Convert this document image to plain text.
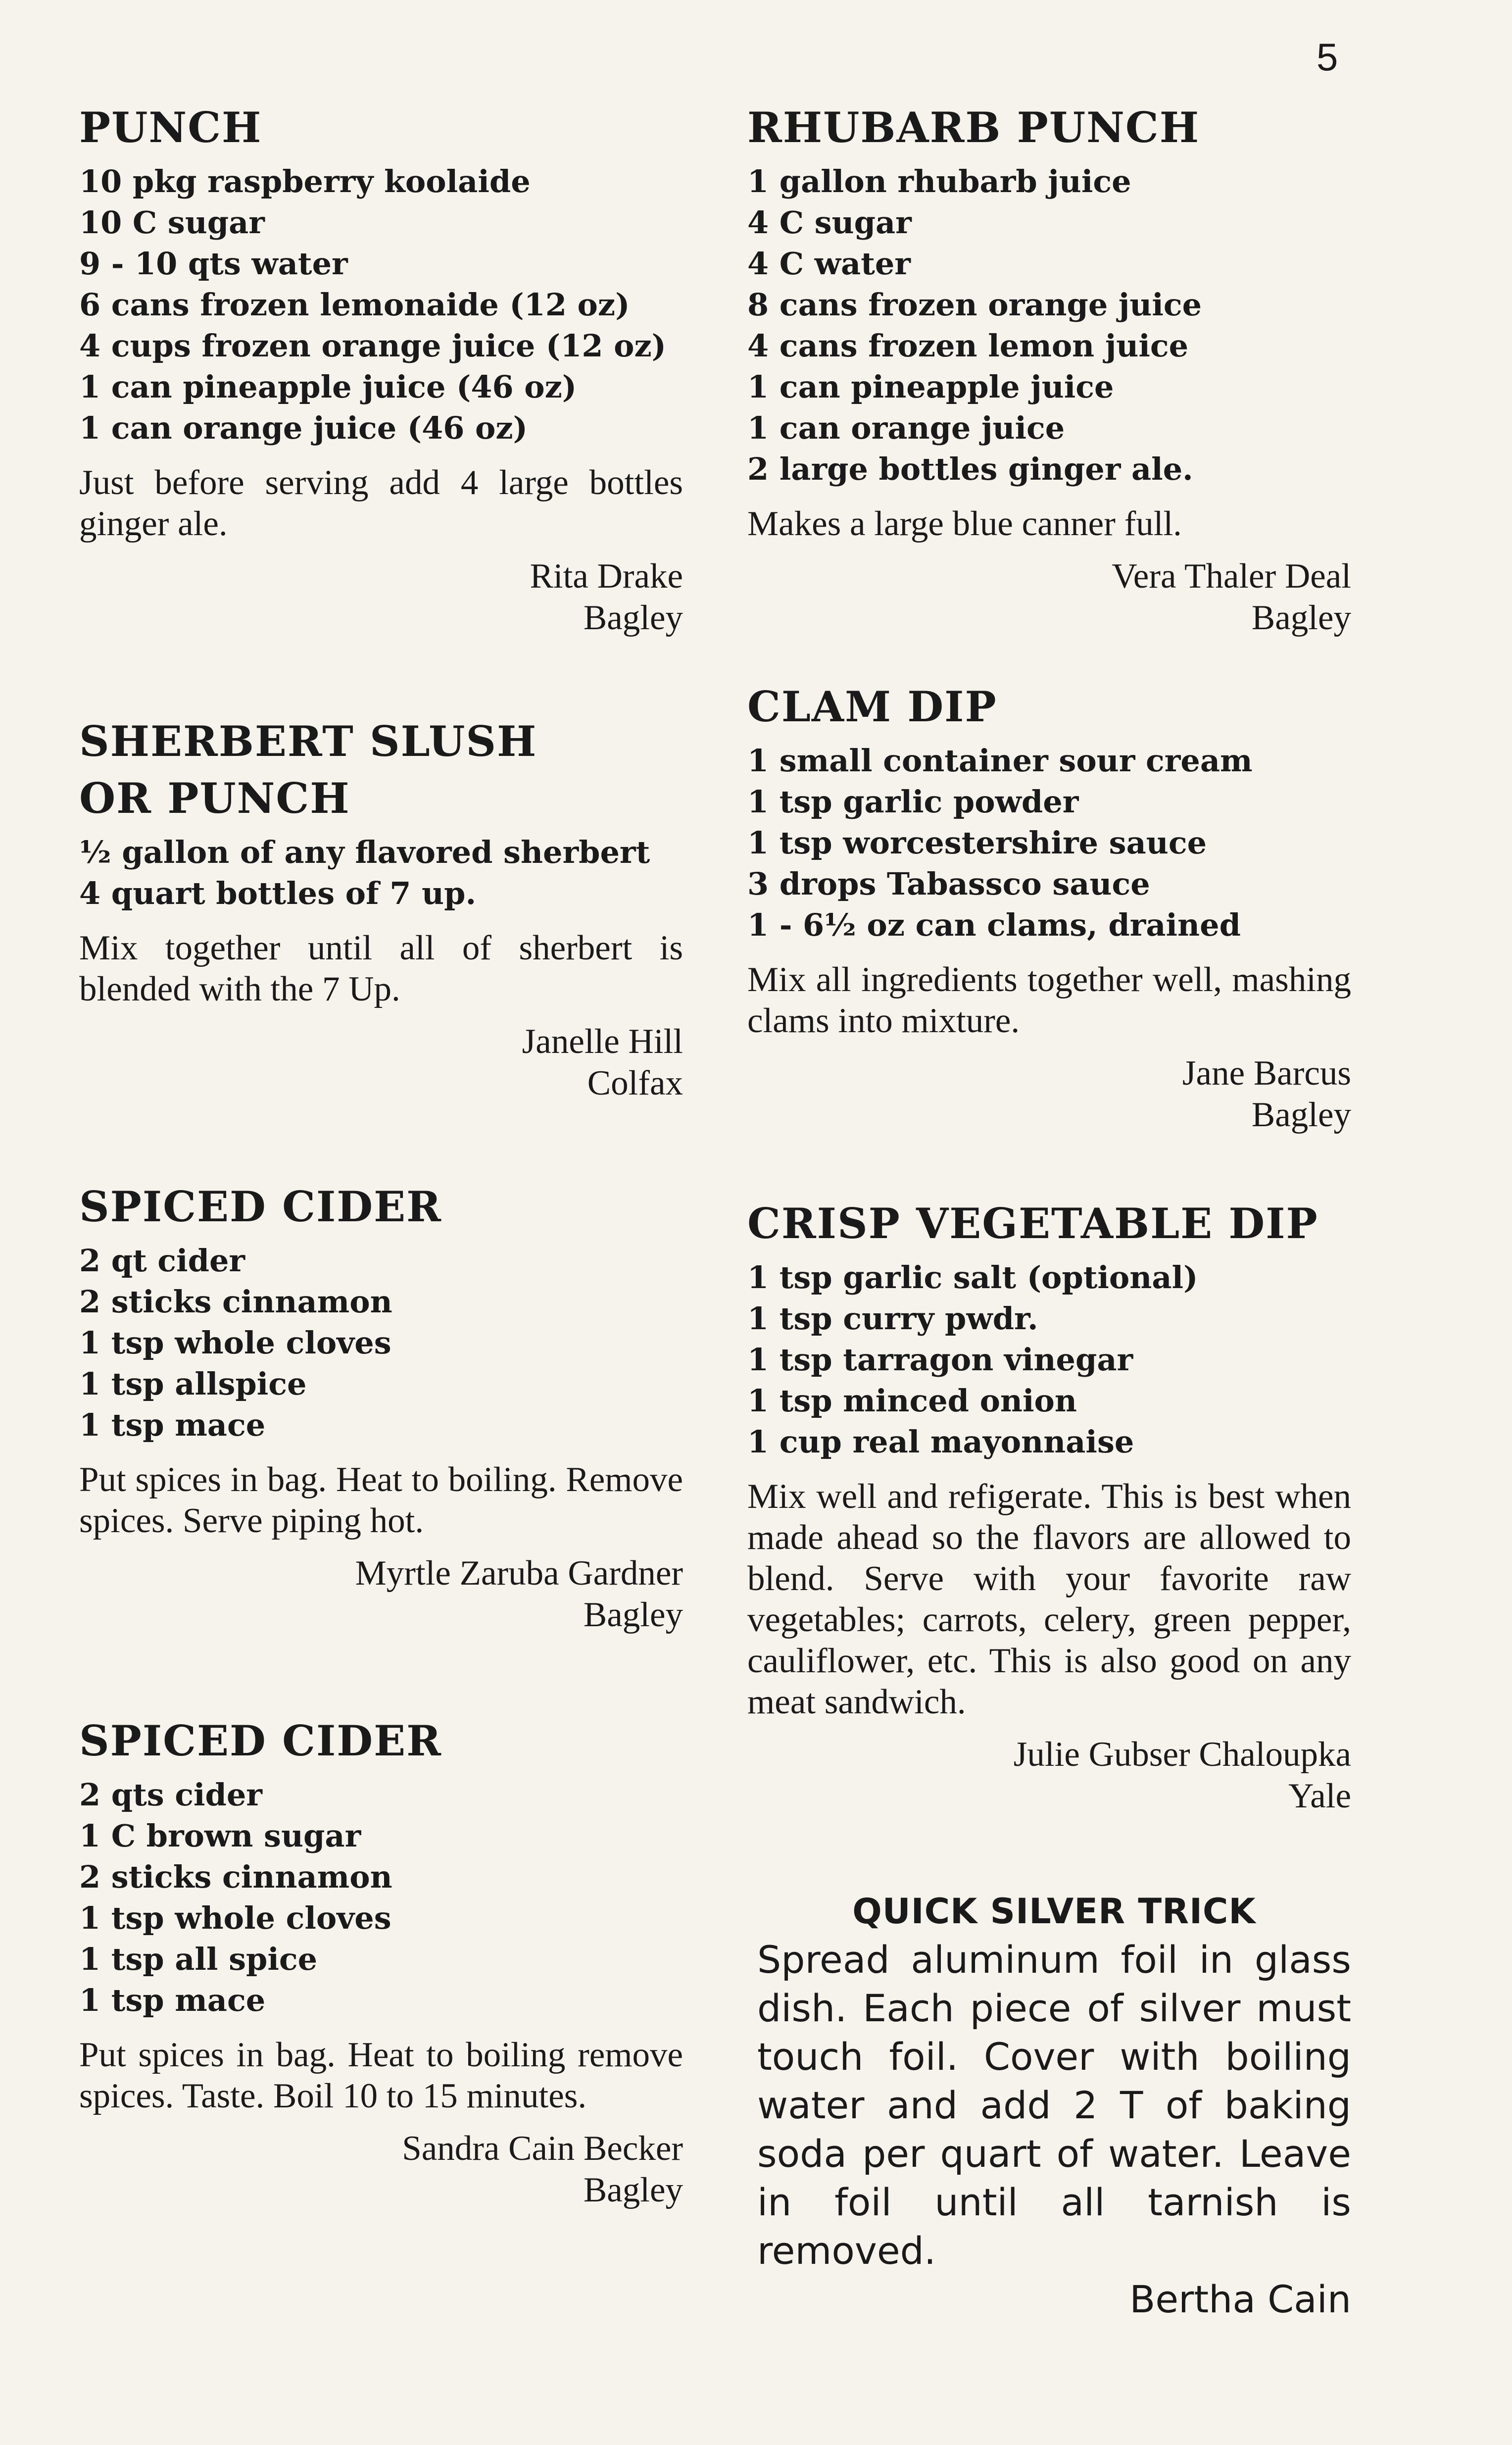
5
PUNCH
10 pkg raspberry koolaide
10 C sugar
9 - 10 qts water
6 cans frozen lemonaide (12 oz)
4 cups frozen orange juice (12 oz)
1 can pineapple juice (46 oz)
1 can orange juice (46 oz)

Just before serving add 4 large bottles ginger ale.

Rita Drake
Bagley
SHERBERT SLUSH
OR PUNCH
½ gallon of any flavored sherbert
4 quart bottles of 7 up.

Mix together until all of sherbert is blended with the 7 Up.

Janelle Hill
Colfax
SPICED CIDER
2 qt cider
2 sticks cinnamon
1 tsp whole cloves
1 tsp allspice
1 tsp mace

Put spices in bag. Heat to boiling. Remove spices. Serve piping hot.

Myrtle Zaruba Gardner
Bagley
SPICED CIDER
2 qts cider
1 C brown sugar
2 sticks cinnamon
1 tsp whole cloves
1 tsp all spice
1 tsp mace

Put spices in bag. Heat to boiling remove spices. Taste. Boil 10 to 15 minutes.

Sandra Cain Becker
Bagley
RHUBARB PUNCH
1 gallon rhubarb juice
4 C sugar
4 C water
8 cans frozen orange juice
4 cans frozen lemon juice
1 can pineapple juice
1 can orange juice
2 large bottles ginger ale.

Makes a large blue canner full.

Vera Thaler Deal
Bagley
CLAM DIP
1 small container sour cream
1 tsp garlic powder
1 tsp worcestershire sauce
3 drops Tabassco sauce
1 - 6½ oz can clams, drained

Mix all ingredients together well, mashing clams into mixture.

Jane Barcus
Bagley
CRISP VEGETABLE DIP
1 tsp garlic salt (optional)
1 tsp curry pwdr.
1 tsp tarragon vinegar
1 tsp minced onion
1 cup real mayonnaise

Mix well and refigerate. This is best when made ahead so the flavors are allowed to blend. Serve with your favorite raw vegetables; carrots, celery, green pepper, cauliflower, etc. This is also good on any meat sandwich.

Julie Gubser Chaloupka
Yale
QUICK SILVER TRICK

Spread aluminum foil in glass dish. Each piece of silver must touch foil. Cover with boiling water and add 2 T of baking soda per quart of water. Leave in foil until all tarnish is removed.

Bertha Cain
